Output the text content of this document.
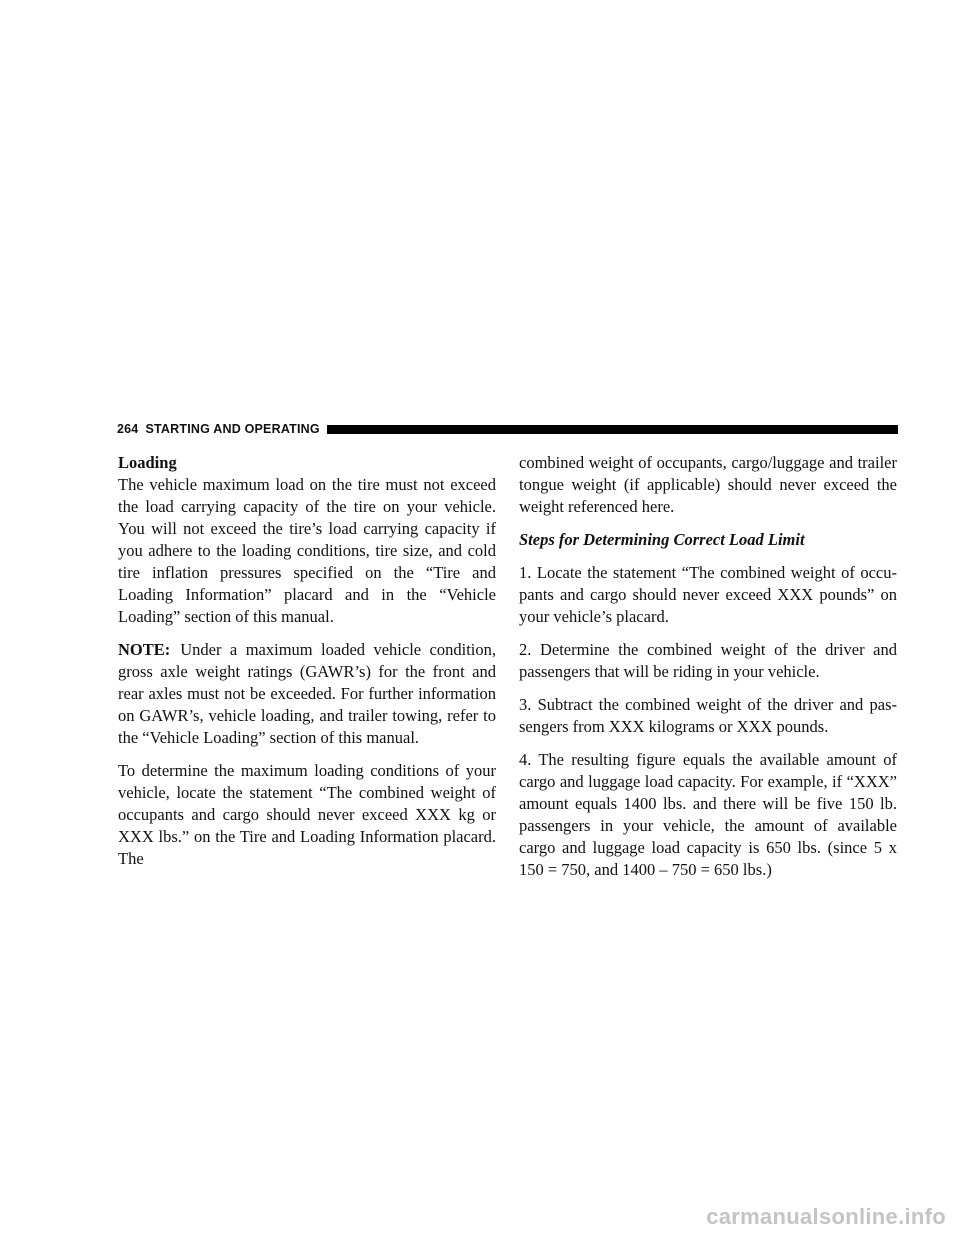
264 STARTING AND OPERATING
Loading

The vehicle maximum load on the tire must not exceed the load carrying capacity of the tire on your vehicle. You will not exceed the tire’s load carrying capacity if you adhere to the loading conditions, tire size, and cold tire inflation pressures specified on the “Tire and Loading Information” placard and in the “Vehicle Loading” section of this manual.

NOTE: Under a maximum loaded vehicle condition, gross axle weight ratings (GAWR’s) for the front and rear axles must not be exceeded. For further information on GAWR’s, vehicle loading, and trailer towing, refer to the “Vehicle Loading” section of this manual.

To determine the maximum loading conditions of your vehicle, locate the statement “The combined weight of occupants and cargo should never exceed XXX kg or XXX lbs.” on the Tire and Loading Information placard. The

combined weight of occupants, cargo/luggage and trailer tongue weight (if applicable) should never exceed the weight referenced here.

Steps for Determining Correct Load Limit

1. Locate the statement “The combined weight of occu-pants and cargo should never exceed XXX pounds” on your vehicle’s placard.

2. Determine the combined weight of the driver and passengers that will be riding in your vehicle.

3. Subtract the combined weight of the driver and pas-sengers from XXX kilograms or XXX pounds.

4. The resulting figure equals the available amount of cargo and luggage load capacity. For example, if “XXX” amount equals 1400 lbs. and there will be five 150 lb. passengers in your vehicle, the amount of available cargo and luggage load capacity is 650 lbs. (since 5 x 150 = 750, and 1400 – 750 = 650 lbs.)

carmanualsonline.info
